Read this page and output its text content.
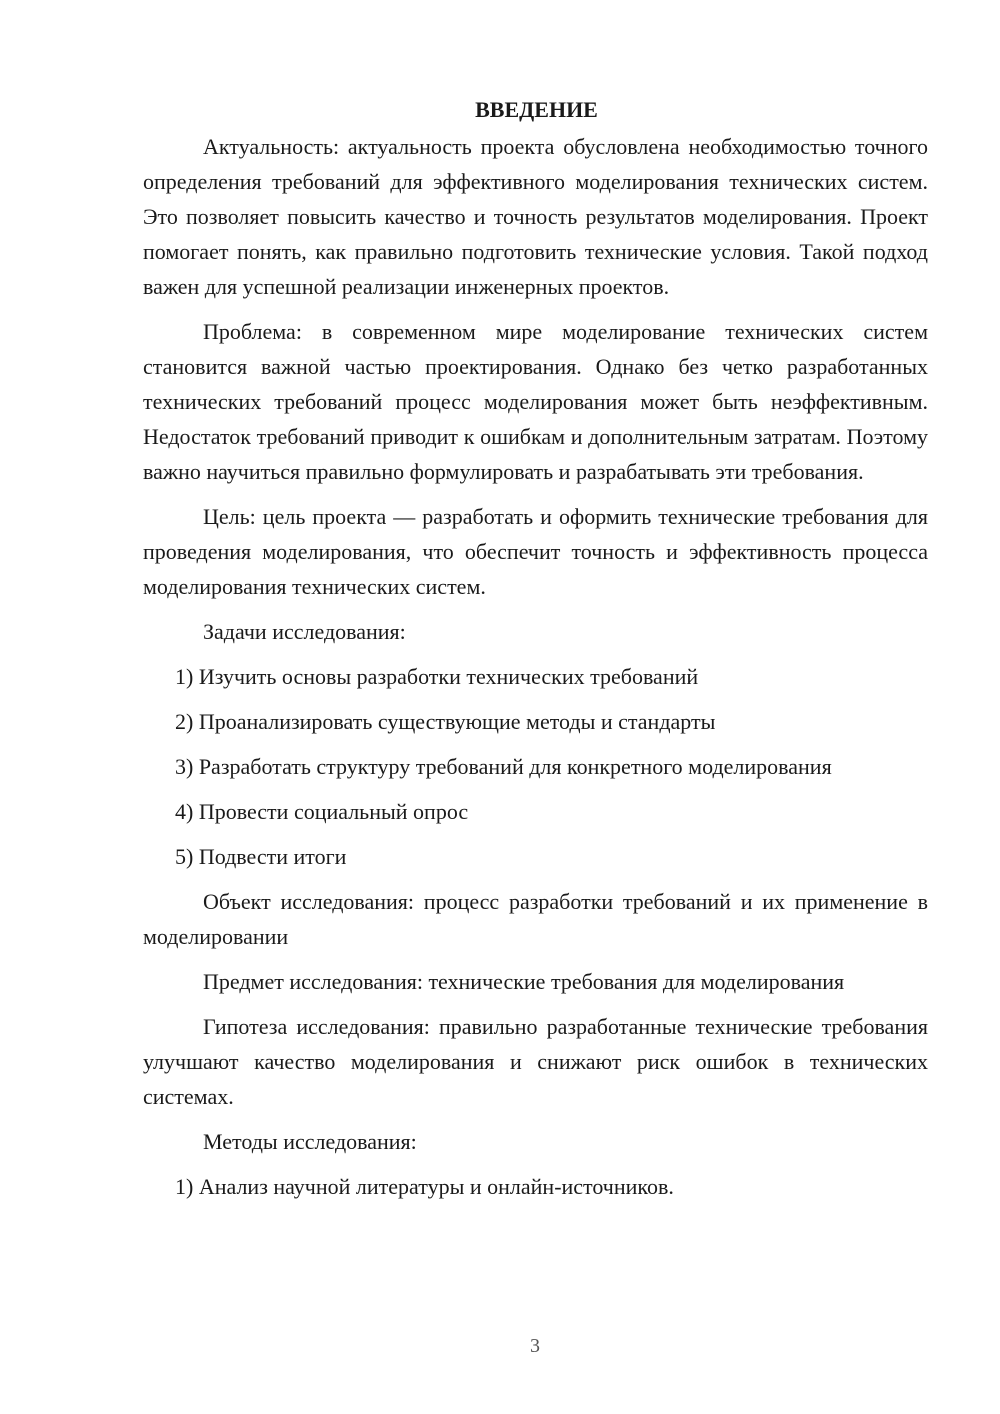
ВВЕДЕНИЕ

Актуальность: актуальность проекта обусловлена необходимостью точного определения требований для эффективного моделирования технических систем. Это позволяет повысить качество и точность результатов моделирования. Проект помогает понять, как правильно подготовить технические условия. Такой подход важен для успешной реализации инженерных проектов.

Проблема: в современном мире моделирование технических систем становится важной частью проектирования. Однако без четко разработанных технических требований процесс моделирования может быть неэффективным. Недостаток требований приводит к ошибкам и дополнительным затратам. Поэтому важно научиться правильно формулировать и разрабатывать эти требования.

Цель: цель проекта — разработать и оформить технические требования для проведения моделирования, что обеспечит точность и эффективность процесса моделирования технических систем.

Задачи исследования:

1) Изучить основы разработки технических требований

2) Проанализировать существующие методы и стандарты

3) Разработать структуру требований для конкретного моделирования

4) Провести социальный опрос

5) Подвести итоги

Объект исследования: процесс разработки требований и их применение в моделировании

Предмет исследования: технические требования для моделирования

Гипотеза исследования: правильно разработанные технические требования улучшают качество моделирования и снижают риск ошибок в технических системах.

Методы исследования:

1) Анализ научной литературы и онлайн-источников.

3
